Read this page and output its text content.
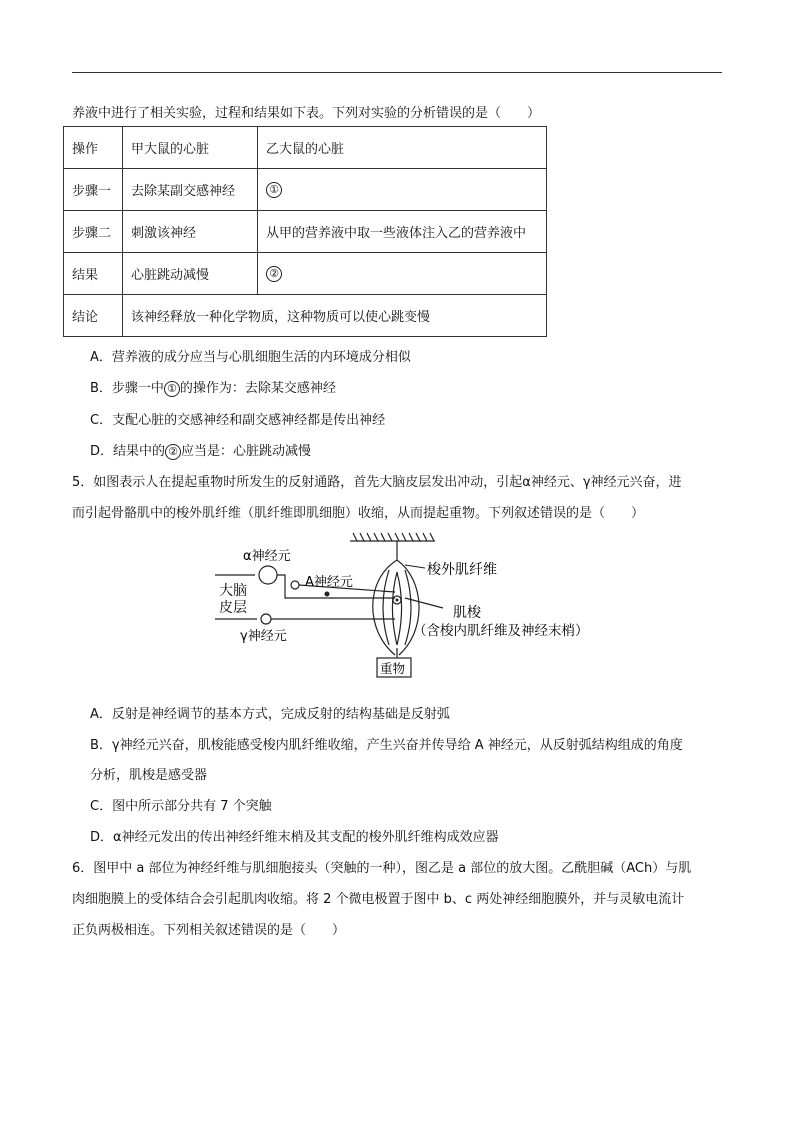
养液中进行了相关实验，过程和结果如下表。下列对实验的分析错误的是（　　）
操作	甲大鼠的心脏	乙大鼠的心脏
步骤一	去除某副交感神经	①
步骤二	刺激该神经	从甲的营养液中取一些液体注入乙的营养液中
结果	心脏跳动减慢	②
结论	该神经释放一种化学物质，这种物质可以使心跳变慢	
A．营养液的成分应当与心肌细胞生活的内环境成分相似
B．步骤一中 ① 的操作为：去除某交感神经
C．支配心脏的交感神经和副交感神经都是传出神经
D．结果中的 ② 应当是：心脏跳动减慢
5．如图表示人在提起重物时所发生的反射通路，首先大脑皮层发出冲动，引起α神经元、γ神经元兴奋，进
而引起骨骼肌中的梭外肌纤维（肌纤维即肌细胞）收缩，从而提起重物。下列叙述错误的是（　　）
重物
α神经元
A神经元
大脑
皮层
γ神经元
梭外肌纤维
肌梭
（含梭内肌纤维及神经末梢）
A．反射是神经调节的基本方式，完成反射的结构基础是反射弧
B．γ神经元兴奋，肌梭能感受梭内肌纤维收缩，产生兴奋并传导给 A 神经元，从反射弧结构组成的角度
分析，肌梭是感受器
C．图中所示部分共有 7 个突触
D．α神经元发出的传出神经纤维末梢及其支配的梭外肌纤维构成效应器
6．图甲中 a 部位为神经纤维与肌细胞接头（突触的一种），图乙是 a 部位的放大图。乙酰胆碱（ACh）与肌
肉细胞膜上的受体结合会引起肌肉收缩。将 2 个微电极置于图中 b、c 两处神经细胞膜外，并与灵敏电流计
正负两极相连。下列相关叙述错误的是（　　）
